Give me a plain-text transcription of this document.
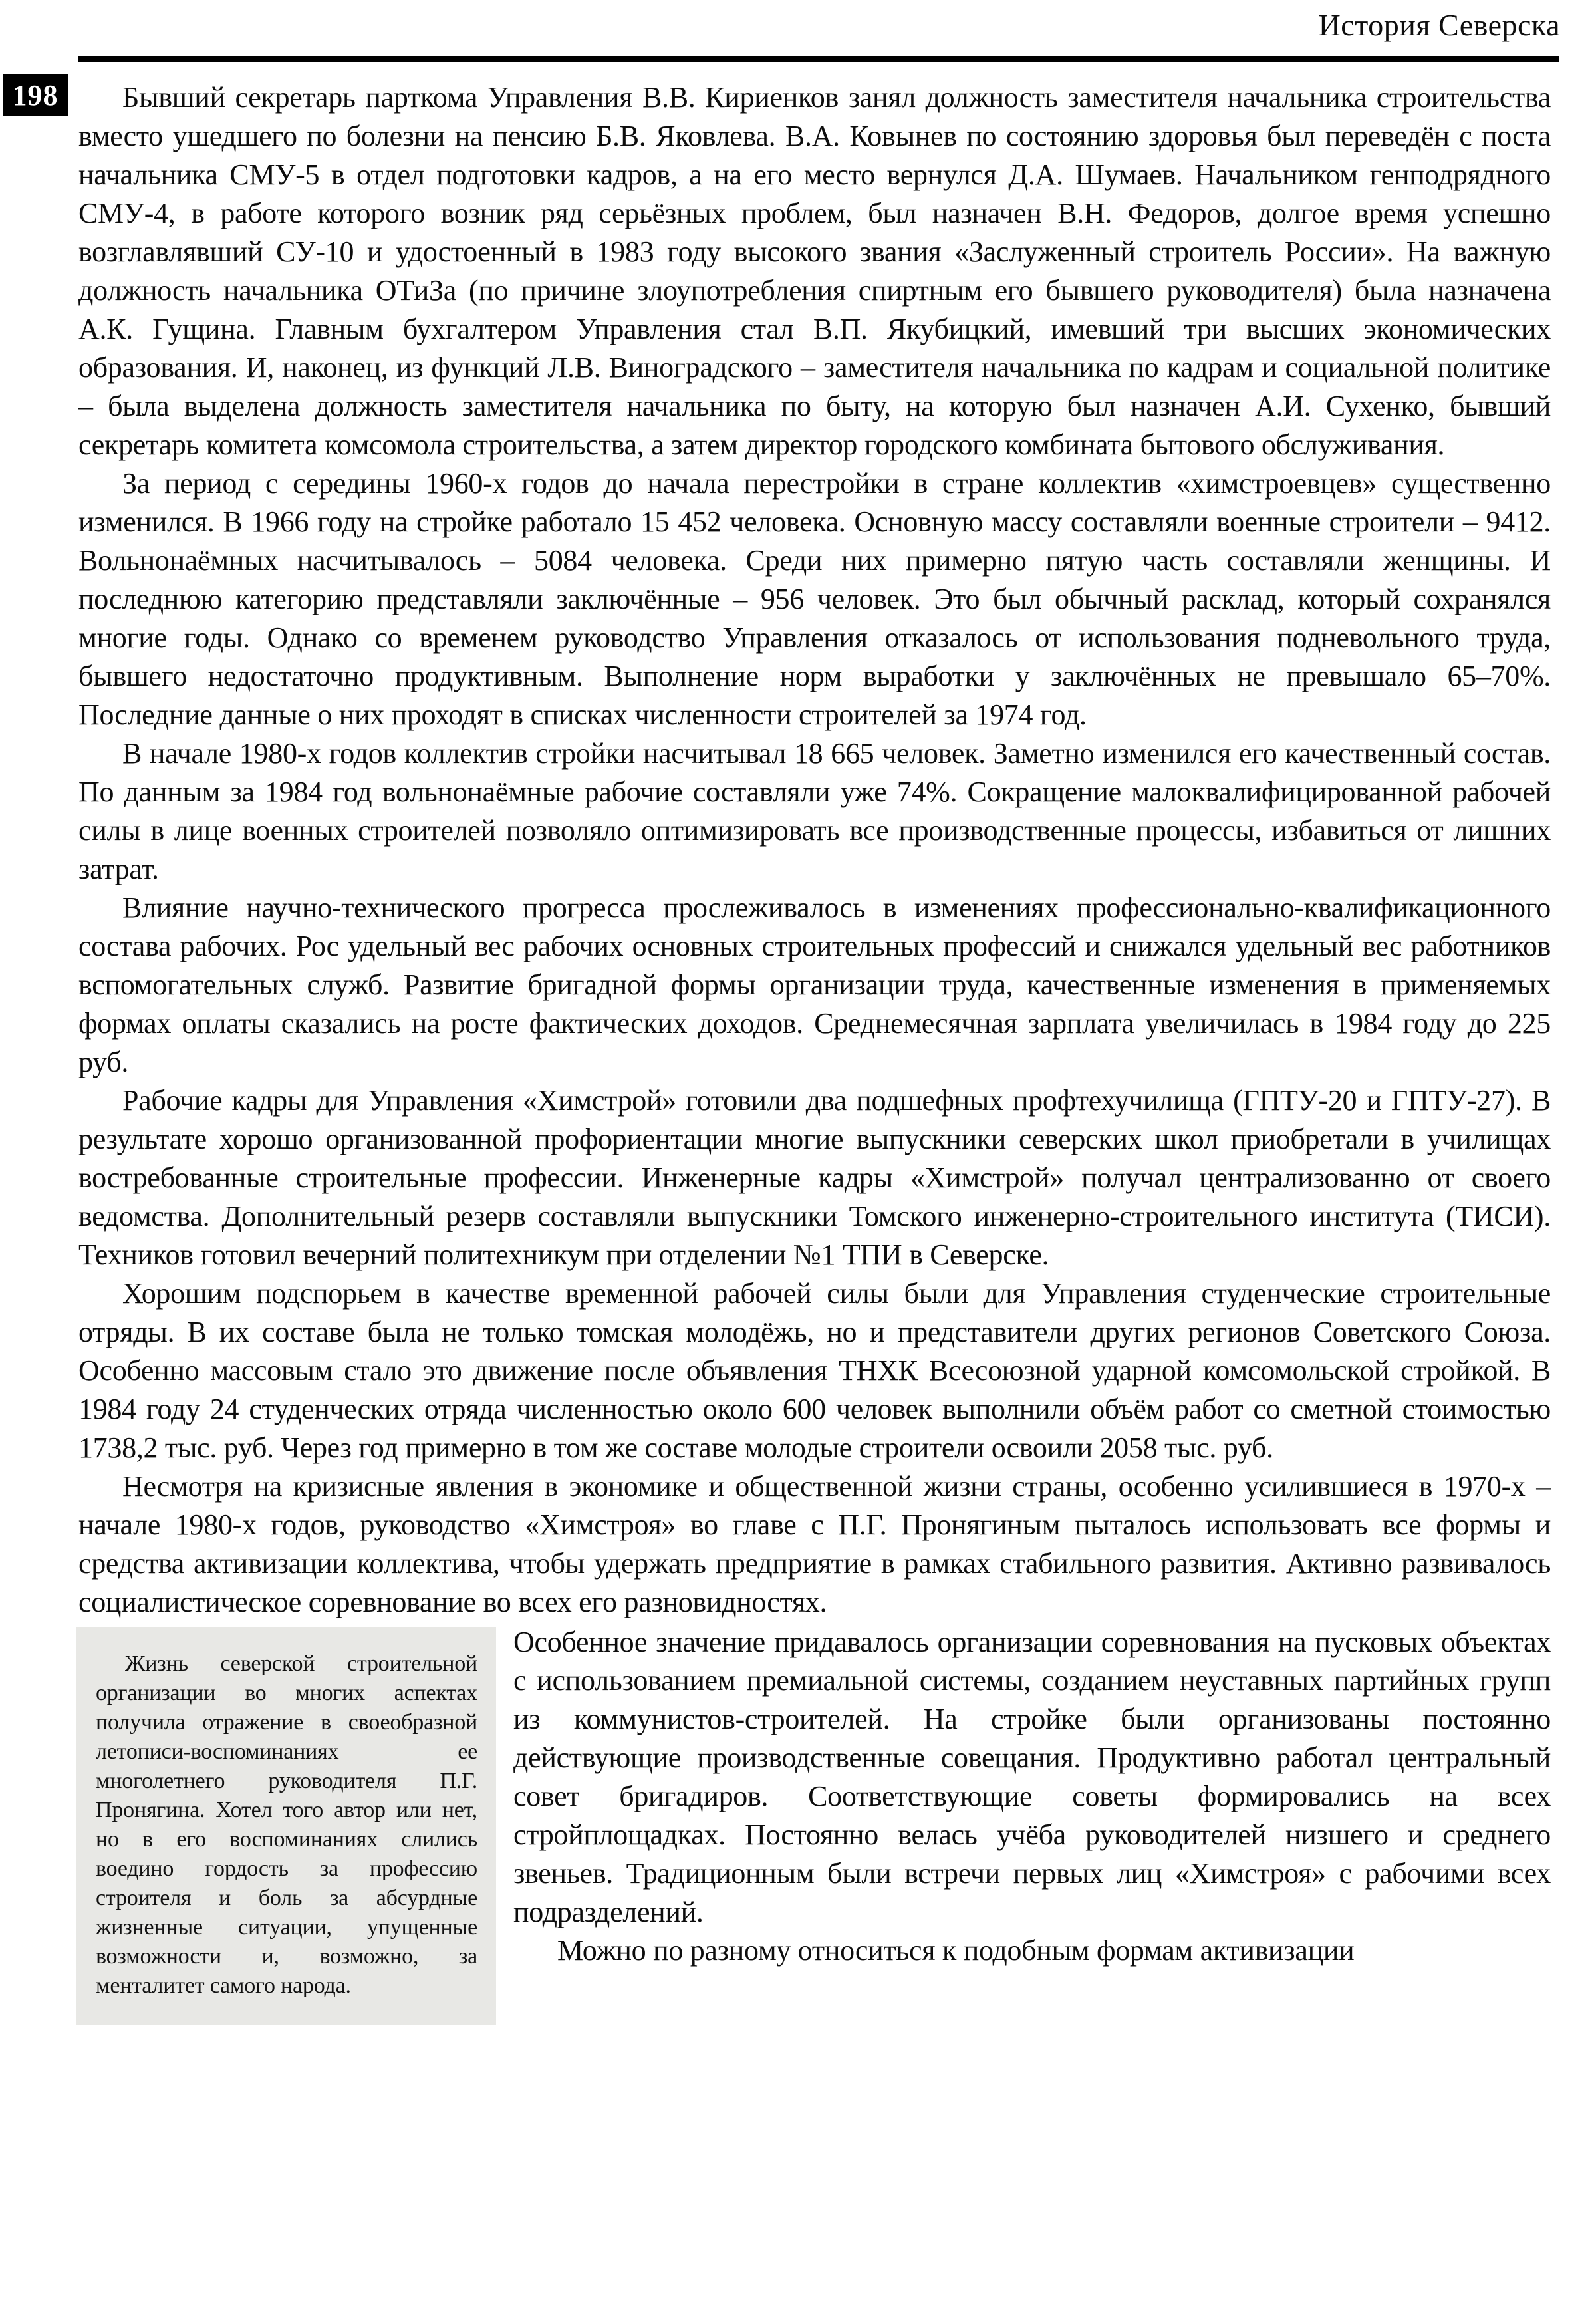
История Северска
198	Бывший секретарь парткома Управления В.В. Кириенков занял должность заместителя начальника строительства вместо ушедшего по болезни на пенсию Б.В. Яковлева. В.А. Ковынев по состоянию здоровья был переведён с поста начальника СМУ-5 в отдел подготовки кадров, а на его место вернулся Д.А. Шумаев. Начальником генподрядного СМУ-4, в работе которого возник ряд серьёзных проблем, был назначен В.Н. Федоров, долгое время успешно возглавлявший СУ-10 и удостоенный в 1983 году высокого звания «Заслуженный строитель России». На важную должность начальника ОТиЗа (по причине злоупотребления спиртным его бывшего руководителя) была назначена А.К. Гущина. Главным бухгалтером Управления стал В.П. Якубицкий, имевший три высших экономических образования. И, наконец, из функций Л.В. Виноградского – заместителя начальника по кадрам и социальной политике – была выделена должность заместителя начальника по быту, на которую был назначен А.И. Сухенко, бывший секретарь комитета комсомола строительства, а затем директор городского комбината бытового обслуживания.

За период с середины 1960-х годов до начала перестройки в стране коллектив «химстроевцев» существенно изменился. В 1966 году на стройке работало 15 452 человека. Основную массу составляли военные строители – 9412. Вольнонаёмных насчитывалось – 5084 человека. Среди них примерно пятую часть составляли женщины. И последнюю категорию представляли заключённые – 956 человек. Это был обычный расклад, который сохранялся многие годы. Однако со временем руководство Управления отказалось от использования подневольного труда, бывшего недостаточно продуктивным. Выполнение норм выработки у заключённых не превышало 65–70%. Последние данные о них проходят в списках численности строителей за 1974 год.

В начале 1980-х годов коллектив стройки насчитывал 18 665 человек. Заметно изменился его качественный состав. По данным за 1984 год вольнонаёмные рабочие составляли уже 74%. Сокращение малоквалифицированной рабочей силы в лице военных строителей позволяло оптимизировать все производственные процессы, избавиться от лишних затрат.

Влияние научно-технического прогресса прослеживалось в изменениях профессионально-квалификационного состава рабочих. Рос удельный вес рабочих основных строительных профессий и снижался удельный вес работников вспомогательных служб. Развитие бригадной формы организации труда, качественные изменения в применяемых формах оплаты сказались на росте фактических доходов. Среднемесячная зарплата увеличилась в 1984 году до 225 руб.

Рабочие кадры для Управления «Химстрой» готовили два подшефных профтехучилища (ГПТУ-20 и ГПТУ-27). В результате хорошо организованной профориентации многие выпускники северских школ приобретали в училищах востребованные строительные профессии. Инженерные кадры «Химстрой» получал централизованно от своего ведомства. Дополнительный резерв составляли выпускники Томского инженерно-строительного института (ТИСИ). Техников готовил вечерний политехникум при отделении №1 ТПИ в Северске.

Хорошим подспорьем в качестве временной рабочей силы были для Управления студенческие строительные отряды. В их составе была не только томская молодёжь, но и представители других регионов Советского Союза. Особенно массовым стало это движение после объявления ТНХК Всесоюзной ударной комсомольской стройкой. В 1984 году 24 студенческих отряда численностью около 600 человек выполнили объём работ со сметной стоимостью 1738,2 тыс. руб. Через год примерно в том же составе молодые строители освоили 2058 тыс. руб.

Несмотря на кризисные явления в экономике и общественной жизни страны, особенно усилившиеся в 1970-х – начале 1980-х годов, руководство «Химстроя» во главе с П.Г. Пронягиным пыталось использовать все формы и средства активизации коллектива, чтобы удержать предприятие в рамках стабильного развития. Активно развивалось социалистическое соревнование во всех его разновидностях.

Жизнь северской строительной организации во многих аспектах получила отражение в своеобразной летописи-воспоминаниях ее многолетнего руководителя П.Г. Пронягина. Хотел того автор или нет, но в его воспоминаниях слились воедино гордость за профессию строителя и боль за абсурдные жизненные ситуации, упущенные возможности и, возможно, за менталитет самого народа.

Особенное значение придавалось организации соревнования на пусковых объектах с использованием премиальной системы, созданием неуставных партийных групп из коммунистов-строителей. На стройке были организованы постоянно действующие производственные совещания. Продуктивно работал центральный совет бригадиров. Соответствующие советы формировались на всех стройплощадках. Постоянно велась учёба руководителей низшего и среднего звеньев. Традиционным были встречи первых лиц «Химстроя» с рабочими всех подразделений.

Можно по разному относиться к подобным формам активизации
